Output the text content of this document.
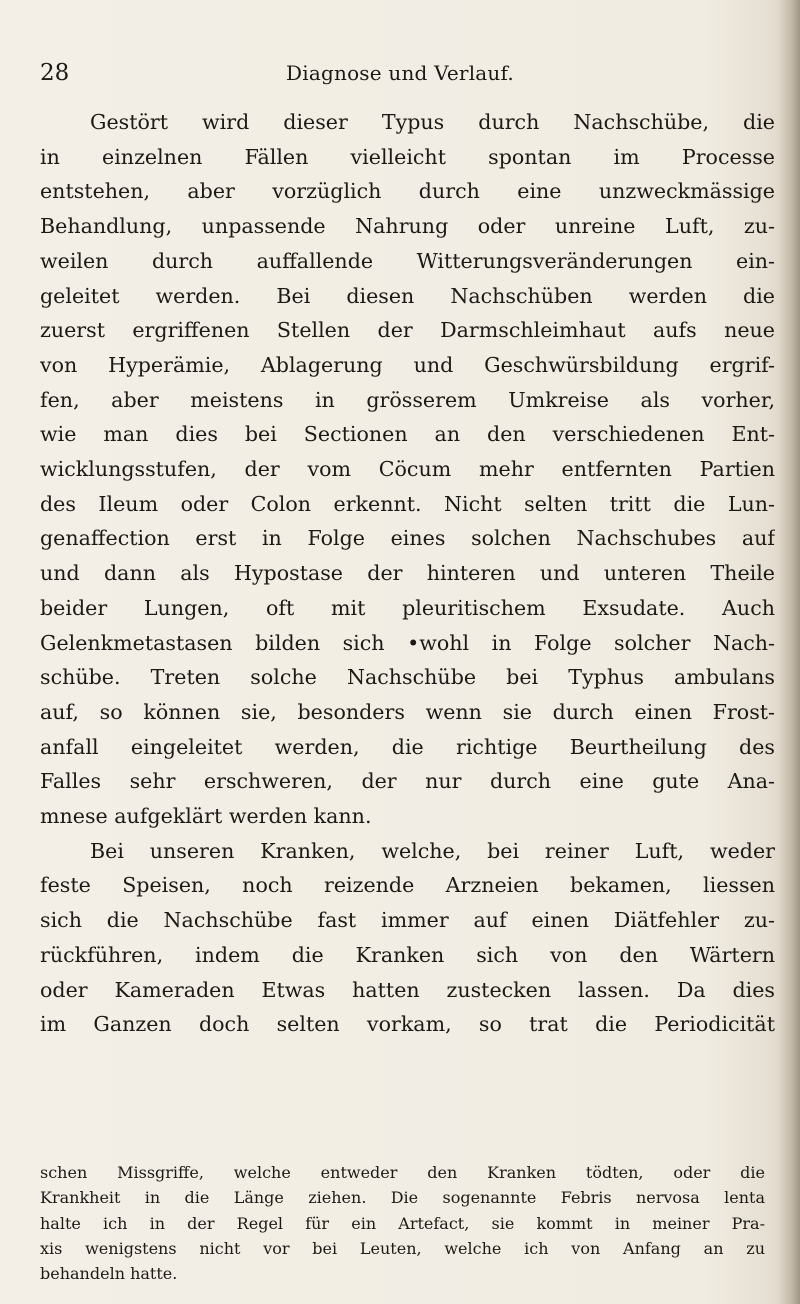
28	Diagnose und Verlauf.
Gestört wird dieser Typus durch Nachschübe, die
in einzelnen Fällen vielleicht spontan im Processe
entstehen, aber vorzüglich durch eine unzweckmässige
Behandlung, unpassende Nahrung oder unreine Luft, zu-
weilen durch auffallende Witterungsveränderungen ein-
geleitet werden. Bei diesen Nachschüben werden die
zuerst ergriffenen Stellen der Darmschleimhaut aufs neue
von Hyperämie, Ablagerung und Geschwürsbildung ergrif-
fen, aber meistens in grösserem Umkreise als vorher,
wie man dies bei Sectionen an den verschiedenen Ent-
wicklungsstufen, der vom Cöcum mehr entfernten Partien
des Ileum oder Colon erkennt. Nicht selten tritt die Lun-
genaffection erst in Folge eines solchen Nachschubes auf
und dann als Hypostase der hinteren und unteren Theile
beider Lungen, oft mit pleuritischem Exsudate. Auch
Gelenkmetastasen bilden sich •wohl in Folge solcher Nach-
schübe. Treten solche Nachschübe bei Typhus ambulans
auf, so können sie, besonders wenn sie durch einen Frost-
anfall eingeleitet werden, die richtige Beurtheilung des
Falles sehr erschweren, der nur durch eine gute Ana-
mnese aufgeklärt werden kann.
Bei unseren Kranken, welche, bei reiner Luft, weder
feste Speisen, noch reizende Arzneien bekamen, liessen
sich die Nachschübe fast immer auf einen Diätfehler zu-
rückführen, indem die Kranken sich von den Wärtern
oder Kameraden Etwas hatten zustecken lassen. Da dies
im Ganzen doch selten vorkam, so trat die Periodicität
schen Missgriffe, welche entweder den Kranken tödten, oder die
Krankheit in die Länge ziehen. Die sogenannte Febris nervosa lenta
halte ich in der Regel für ein Artefact, sie kommt in meiner Pra-
xis wenigstens nicht vor bei Leuten, welche ich von Anfang an zu
behandeln hatte.
